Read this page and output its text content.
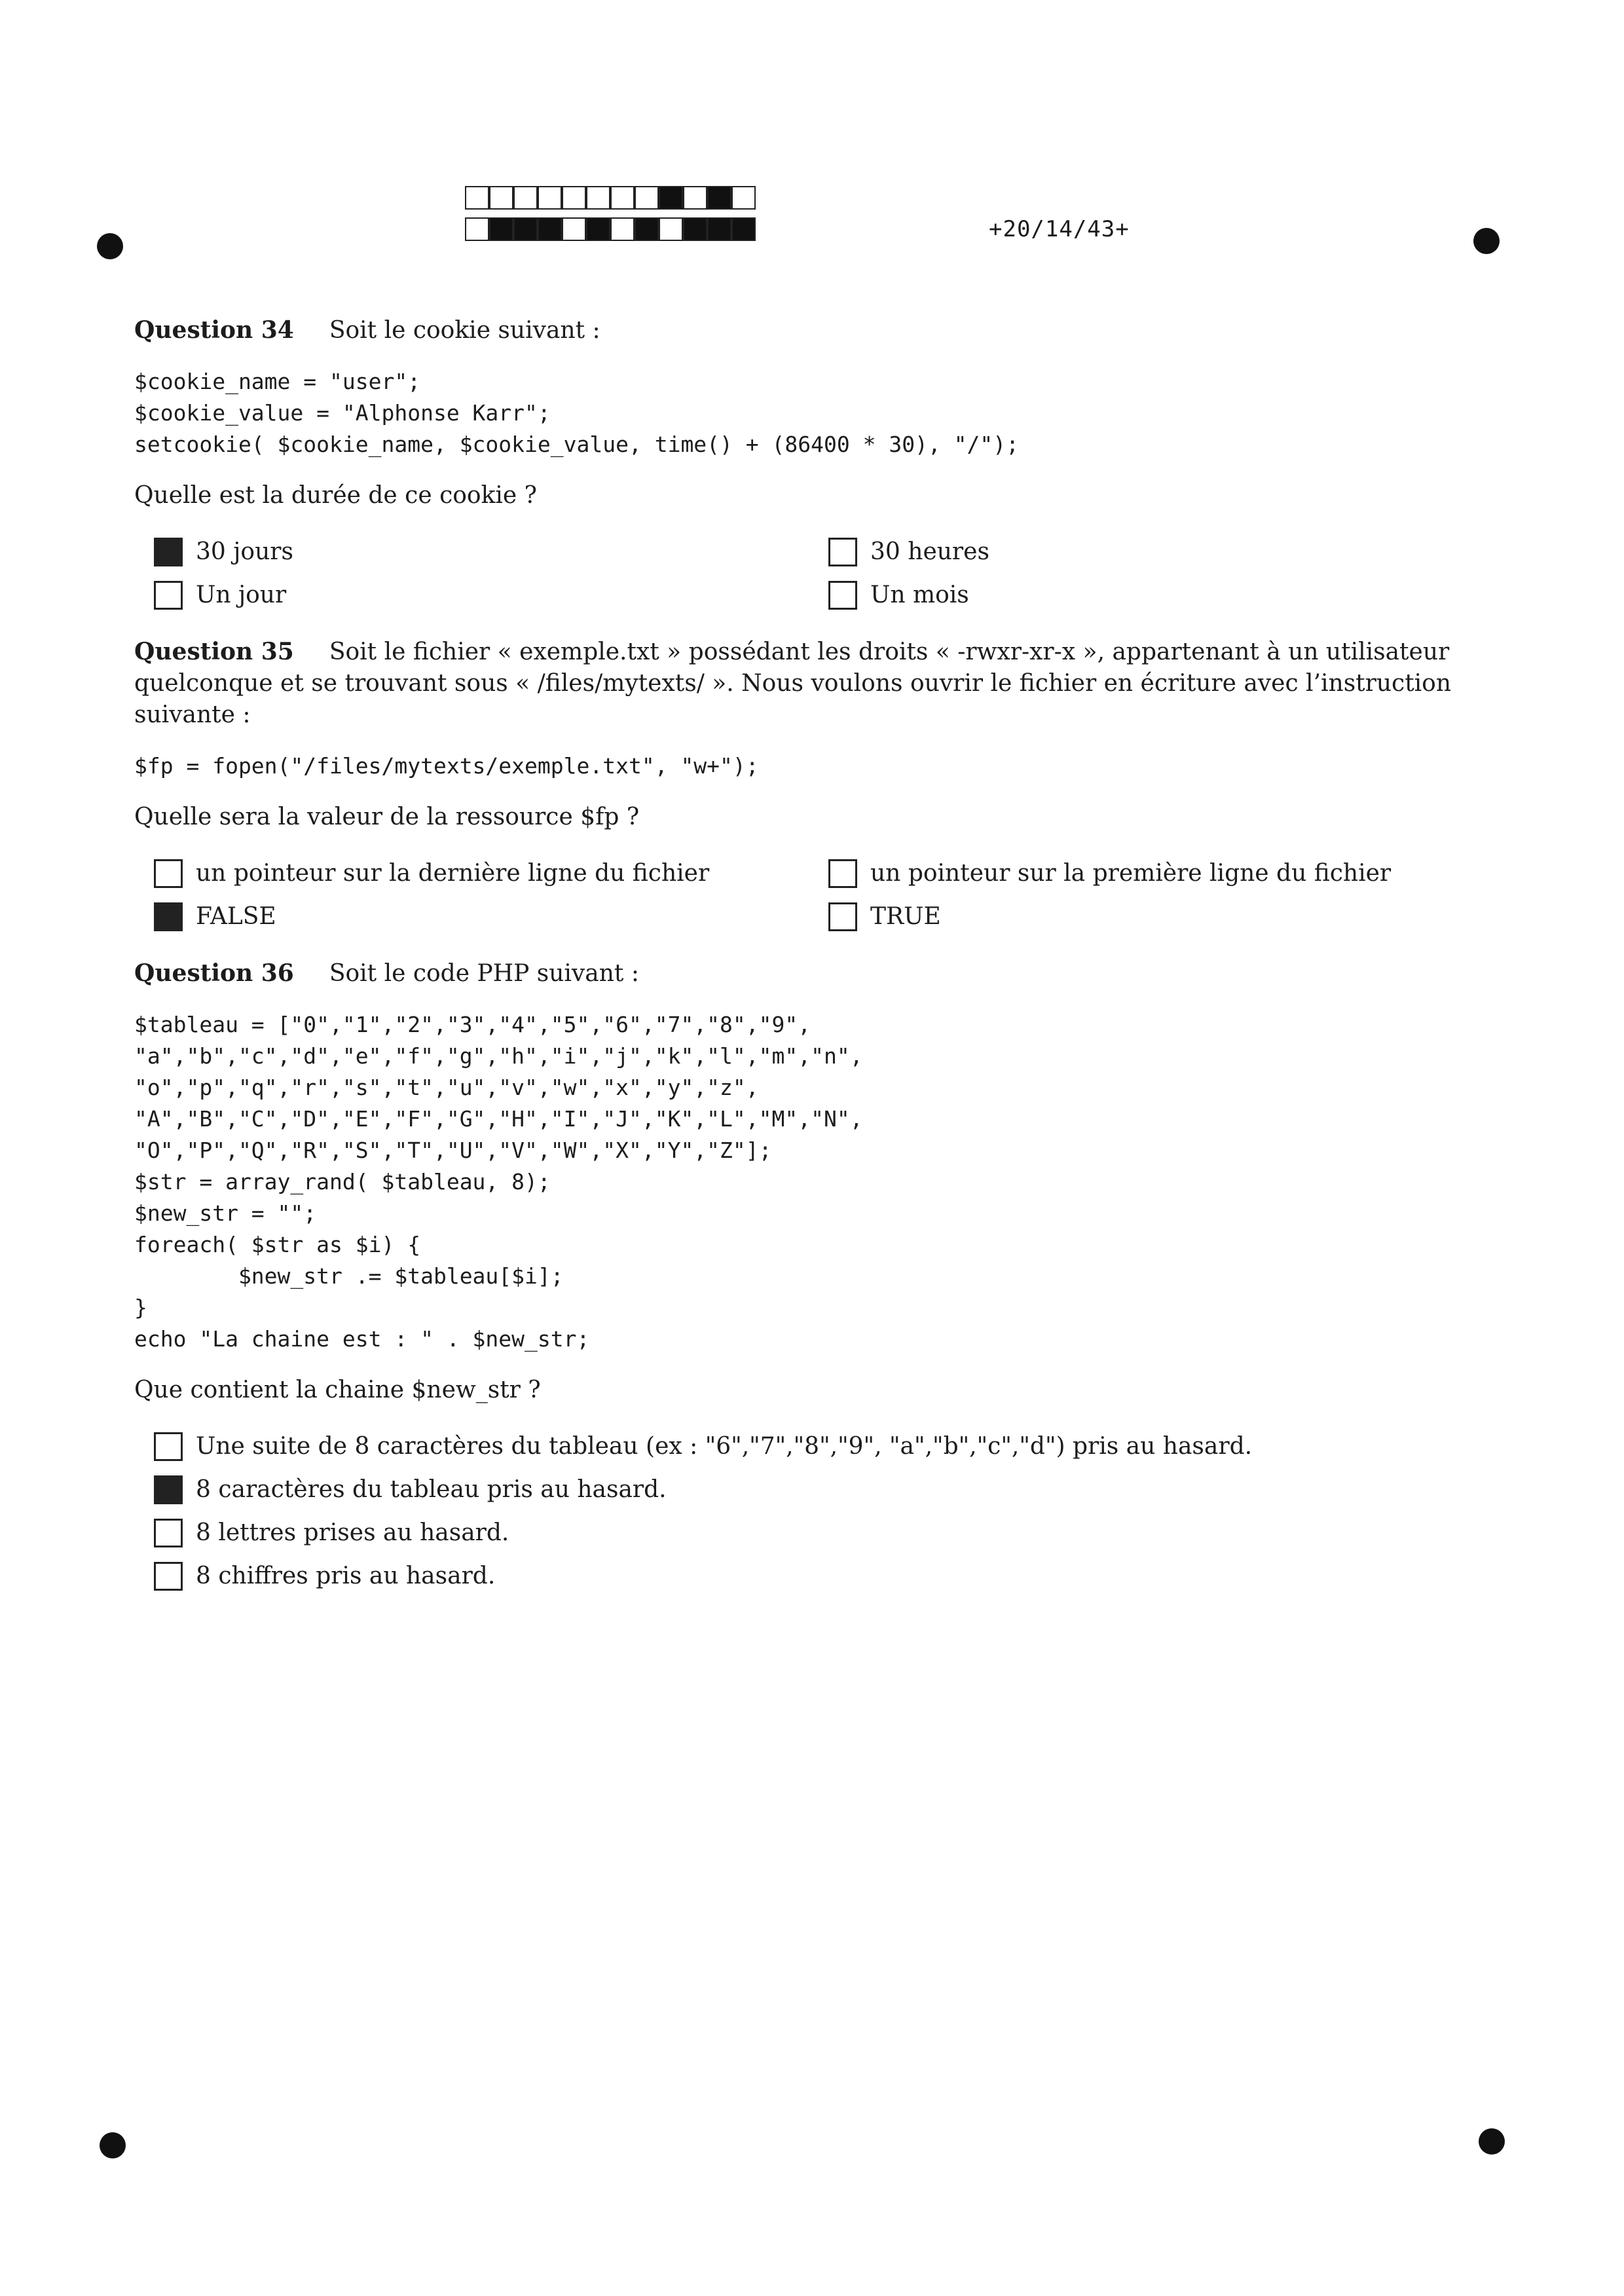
+20/14/43+

Question 34 Soit le cookie suivant :

$cookie_name = "user";
$cookie_value = "Alphonse Karr";
setcookie( $cookie_name, $cookie_value, time() + (86400 * 30), "/");

Quelle est la durée de ce cookie ?

30 jours	30 heures
Un jour	Un mois

Question 35 Soit le fichier « exemple.txt » possédant les droits « -rwxr-xr-x », appartenant à un utilisateur quelconque et se trouvant sous « /files/mytexts/ ». Nous voulons ouvrir le fichier en écriture avec l’instruction suivante :

$fp = fopen("/files/mytexts/exemple.txt", "w+");

Quelle sera la valeur de la ressource $fp ?

un pointeur sur la dernière ligne du fichier	un pointeur sur la première ligne du fichier
FALSE	TRUE

Question 36 Soit le code PHP suivant :

$tableau = ["0","1","2","3","4","5","6","7","8","9",
"a","b","c","d","e","f","g","h","i","j","k","l","m","n",
"o","p","q","r","s","t","u","v","w","x","y","z",
"A","B","C","D","E","F","G","H","I","J","K","L","M","N",
"O","P","Q","R","S","T","U","V","W","X","Y","Z"];
$str = array_rand( $tableau, 8);
$new_str = "";
foreach( $str as $i) {
$new_str .= $tableau[$i];
}
echo "La chaine est : " . $new_str;

Que contient la chaine $new_str ?

Une suite de 8 caractères du tableau (ex : "6","7","8","9", "a","b","c","d") pris au hasard.
8 caractères du tableau pris au hasard.
8 lettres prises au hasard.
8 chiffres pris au hasard.
